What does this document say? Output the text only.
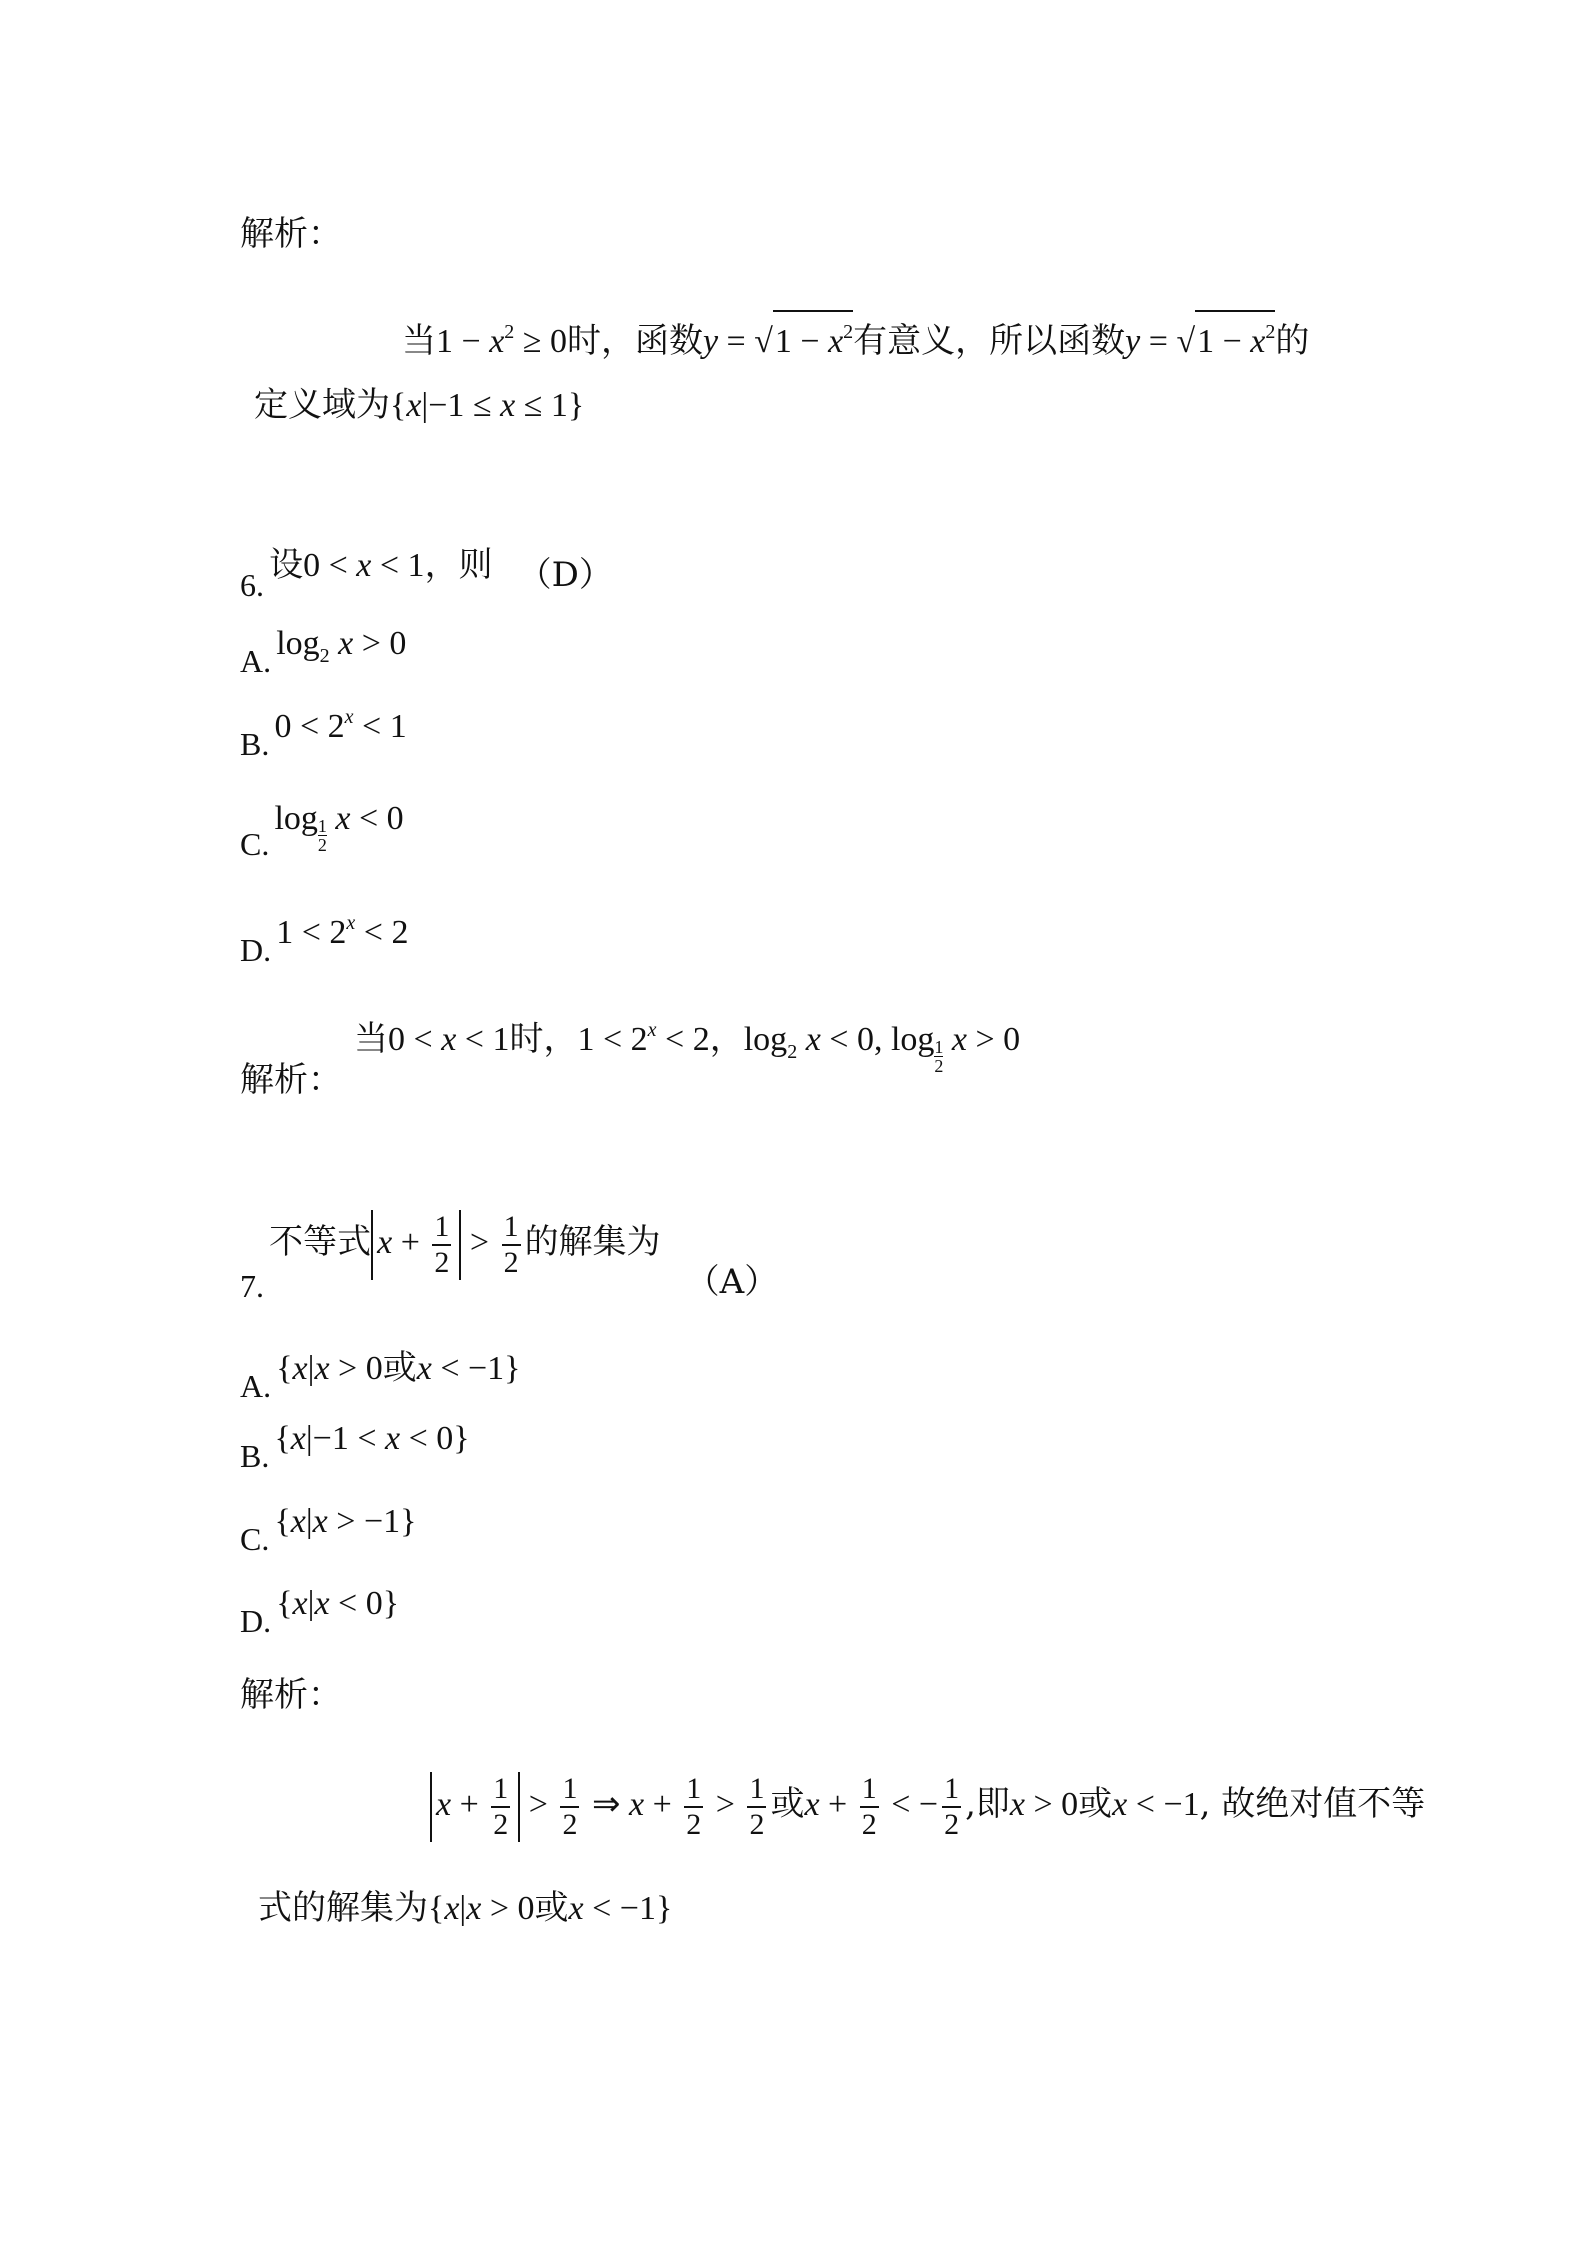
解析：
当$1 - x^2 \ge 0$时，函数$y = √1 - x^2$有意义，所以函数$y = √1 - x^2$的
定义域为{x|−1 ≤ x ≤ 1}
6. 设0 < x < 1，则 （D）
A. $\log_2 x > 0$
B. $0 < 2^x < 1$
C. $\log \frac{1}{2}$ x < 0
D. $1 < 2^x < 2$
当0 < x < 1时，$1 < 2^x < 2$，$\log_2 x < 0$, $\log \frac{1}{2}$ x > 0
解析：
7. 不等式 $x + \frac{1}{2} > \frac{1}{2}$ 的解集为 （A）
A. {x|x > 0或x < −1}
B. {x|−1 < x < 0}
C. {x|x > −1}
D. {x|x < 0}
解析：
$x + \frac{1}{2} > \frac{1}{2}$ ⇒ $x + \frac{1}{2} > \frac{1}{2}$ 或$x + \frac{1}{2}$ < − $\frac{1}{2}$ ,即x > 0或x < −1, 故绝对值不等
式的解集为{x|x > 0或x < −1}
